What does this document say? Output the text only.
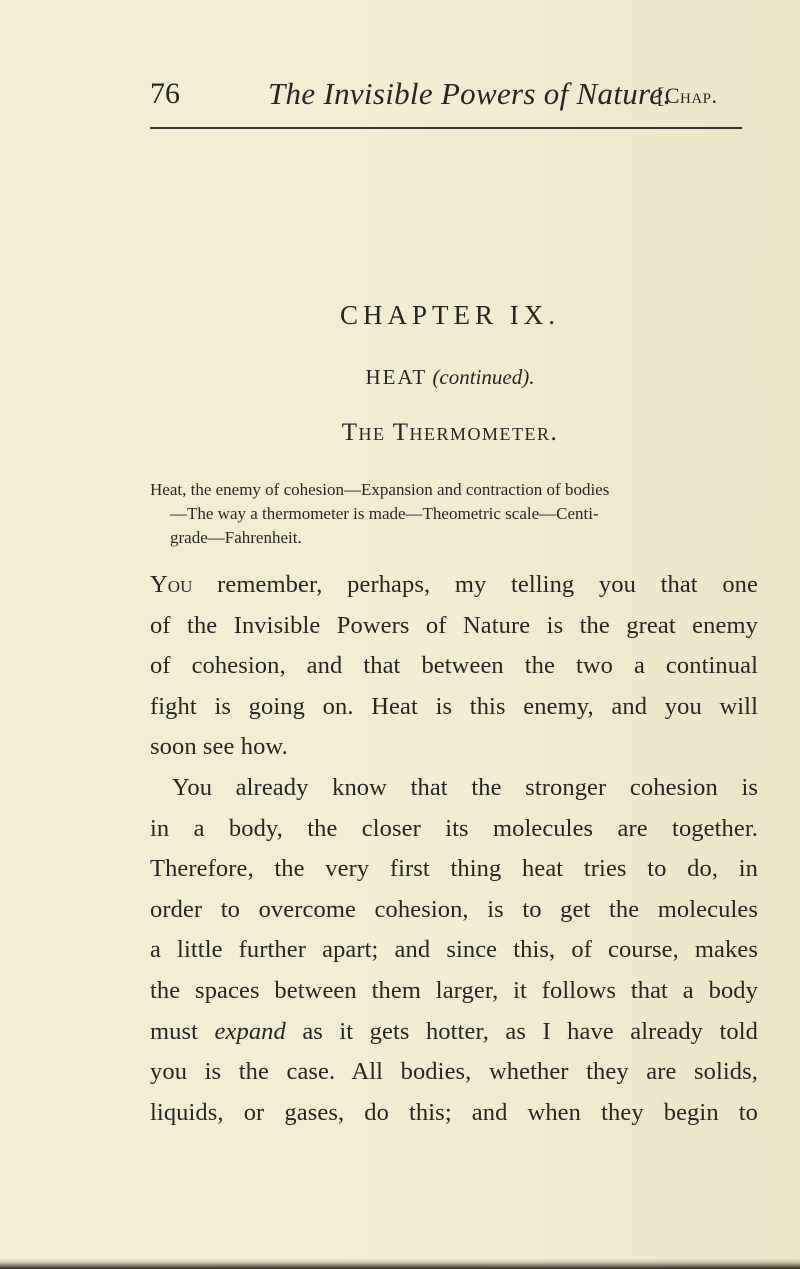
76	The Invisible Powers of Nature.
[Chap.
CHAPTER IX.
HEAT (continued).
The Thermometer.
Heat, the enemy of cohesion—Expansion and contraction of bodies
—The way a thermometer is made—Theometric scale—Centi-
grade—Fahrenheit.
You remember, perhaps, my telling you that one
of the Invisible Powers of Nature is the great enemy
of cohesion, and that between the two a continual
fight is going on. Heat is this enemy, and you will
soon see how.
You already know that the stronger cohesion is
in a body, the closer its molecules are together.
Therefore, the very first thing heat tries to do, in
order to overcome cohesion, is to get the molecules
a little further apart; and since this, of course, makes
the spaces between them larger, it follows that a body
must expand as it gets hotter, as I have already told
you is the case. All bodies, whether they are solids,
liquids, or gases, do this; and when they begin to
